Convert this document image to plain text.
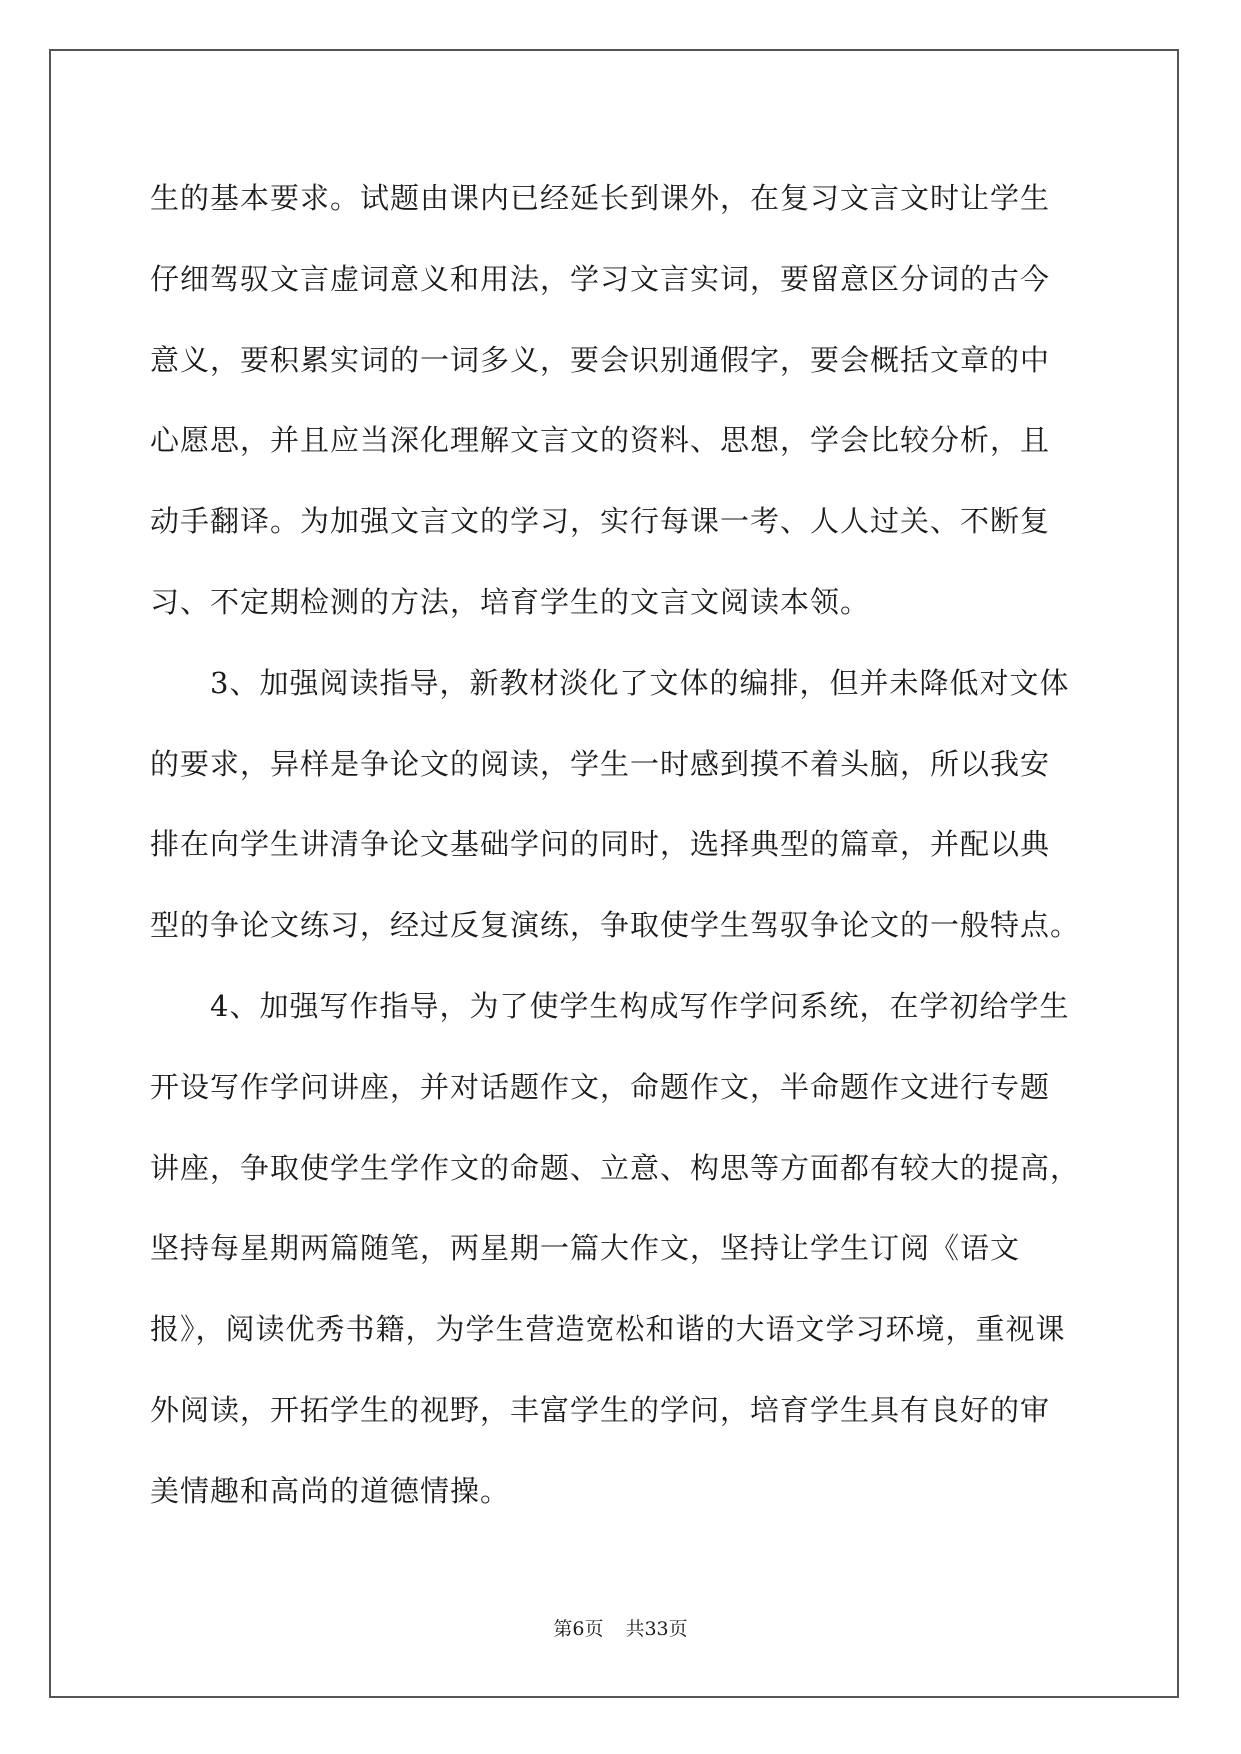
生的基本要求。试题由课内已经延长到课外，在复习文言文时让学生

仔细驾驭文言虚词意义和用法，学习文言实词，要留意区分词的古今

意义，要积累实词的一词多义，要会识别通假字，要会概括文章的中

心愿思，并且应当深化理解文言文的资料、思想，学会比较分析，且

动手翻译。为加强文言文的学习，实行每课一考、人人过关、不断复

习、不定期检测的方法，培育学生的文言文阅读本领。

　　3、加强阅读指导，新教材淡化了文体的编排，但并未降低对文体

的要求，异样是争论文的阅读，学生一时感到摸不着头脑，所以我安

排在向学生讲清争论文基础学问的同时，选择典型的篇章，并配以典

型的争论文练习，经过反复演练，争取使学生驾驭争论文的一般特点。

　　4、加强写作指导，为了使学生构成写作学问系统，在学初给学生

开设写作学问讲座，并对话题作文，命题作文，半命题作文进行专题

讲座，争取使学生学作文的命题、立意、构思等方面都有较大的提高，

坚持每星期两篇随笔，两星期一篇大作文，坚持让学生订阅《语文

报》，阅读优秀书籍，为学生营造宽松和谐的大语文学习环境，重视课

外阅读，开拓学生的视野，丰富学生的学问，培育学生具有良好的审

美情趣和高尚的道德情操。

第6页 共33页
